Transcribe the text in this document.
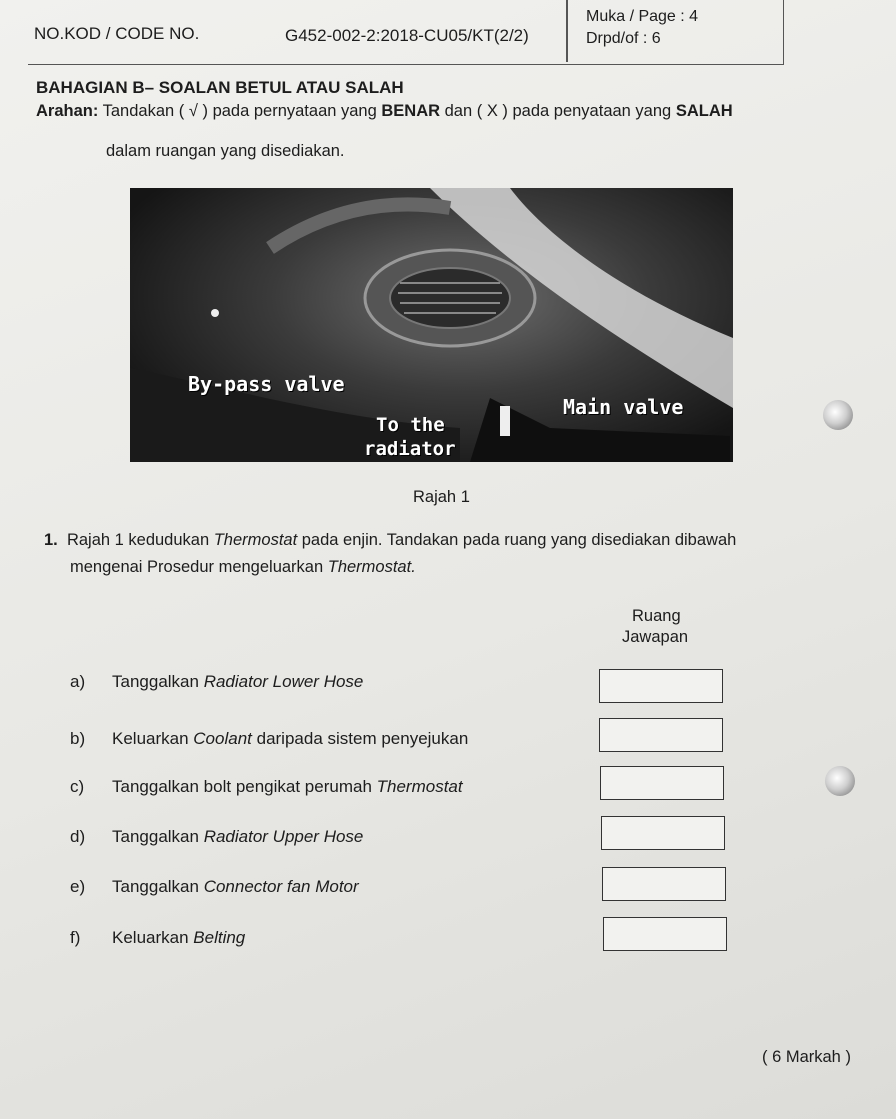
NO.KOD / CODE NO.	G452-002-2:2018-CU05/KT(2/2)
Muka / Page : 4
Drpd/of : 6
BAHAGIAN B– SOALAN BETUL ATAU SALAH
Arahan: Tandakan ( √ ) pada pernyataan yang BENAR dan ( X ) pada penyataan yang SALAH
dalam ruangan yang disediakan.
By-pass valve
Main valve
To the
radiator
Rajah 1
1. Rajah 1 kedudukan Thermostat pada enjin. Tandakan pada ruang yang disediakan dibawah
mengenai Prosedur mengeluarkan Thermostat.
Ruang
Jawapan
a) Tanggalkan Radiator Lower Hose
b) Keluarkan Coolant daripada sistem penyejukan
c) Tanggalkan bolt pengikat perumah Thermostat
d) Tanggalkan Radiator Upper Hose
e) Tanggalkan Connector fan Motor
f) Keluarkan Belting
( 6 Markah )
